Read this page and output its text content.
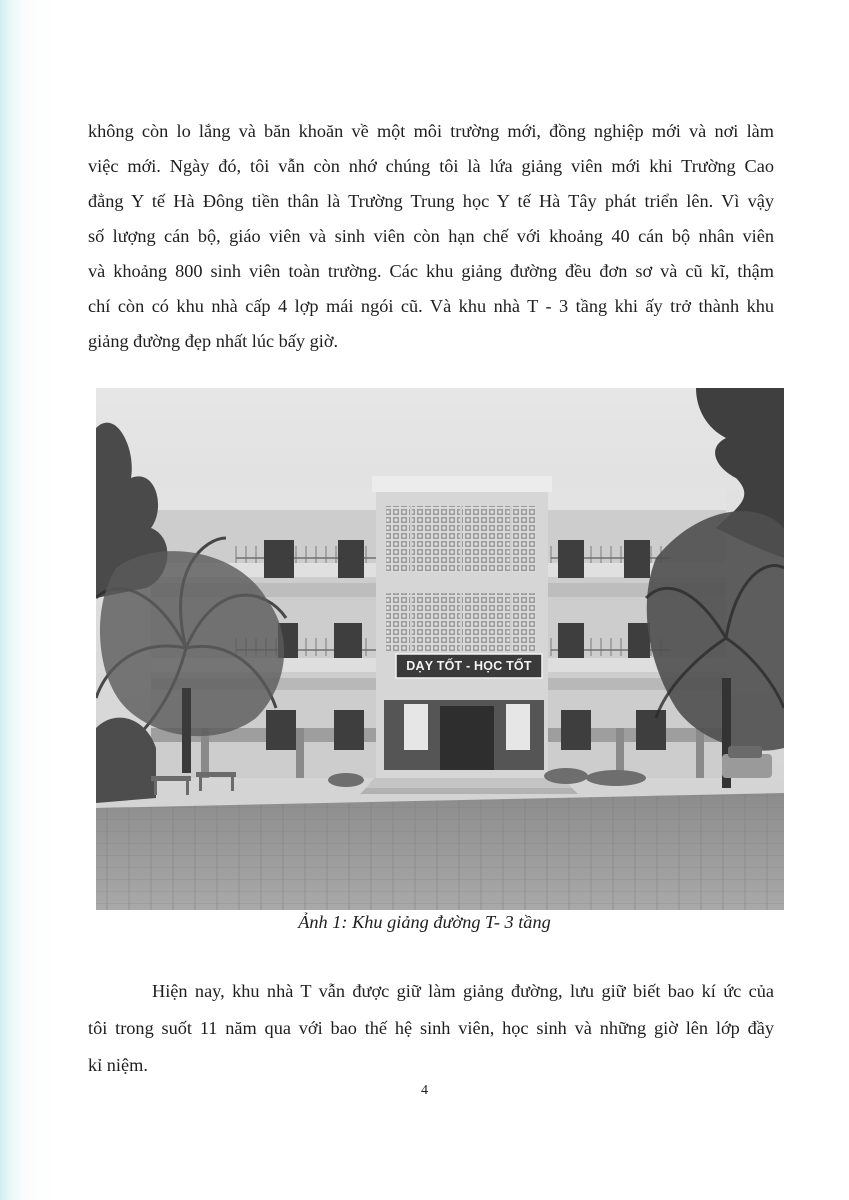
không còn lo lắng và băn khoăn về một môi trường mới, đồng nghiệp mới và nơi làm
việc mới. Ngày đó, tôi vẫn còn nhớ chúng tôi là lứa giảng viên mới khi Trường Cao
đẳng Y tế Hà Đông tiền thân là Trường Trung học Y tế Hà Tây phát triển lên. Vì vậy
số lượng cán bộ, giáo viên và sinh viên còn hạn chế với khoảng 40 cán bộ nhân viên
và khoảng 800 sinh viên toàn trường. Các khu giảng đường đều đơn sơ và cũ kĩ, thậm
chí còn có khu nhà cấp 4 lợp mái ngói cũ. Và khu nhà T - 3 tầng khi ấy trở thành khu
giảng đường đẹp nhất lúc bấy giờ.

DẠY TỐT - HỌC TỐT

Ảnh 1: Khu giảng đường T- 3 tầng

Hiện nay, khu nhà T vẫn được giữ làm giảng đường, lưu giữ biết bao kí ức của
tôi trong suốt 11 năm qua với bao thế hệ sinh viên, học sinh và những giờ lên lớp đầy
kỉ niệm.

4
